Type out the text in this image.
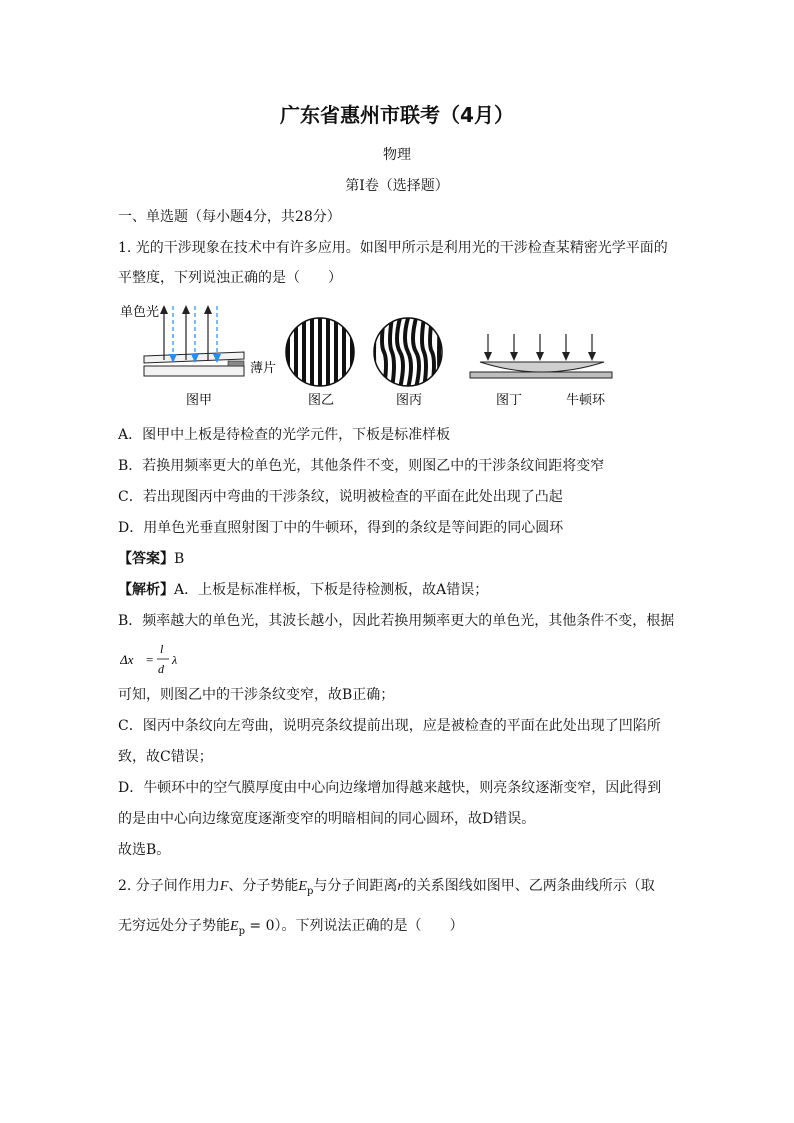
广东省惠州市联考（4月）
物理
第Ⅰ卷（选择题）
一、单选题（每小题4分，共28分）
1. 光的干涉现象在技术中有许多应用。如图甲所示是利用光的干涉检查某精密光学平面的
平整度，下列说浊正确的是（　　）
单色光
薄片
图甲	图乙	图丙	图丁	牛顿环
A．图甲中上板是待检查的光学元件，下板是标准样板
B．若换用频率更大的单色光，其他条件不变，则图乙中的干涉条纹间距将变窄
C．若出现图丙中弯曲的干涉条纹，说明被检查的平面在此处出现了凸起
D．用单色光垂直照射图丁中的牛顿环，得到的条纹是等间距的同心圆环
【答案】B
【解析】A．上板是标准样板，下板是待检测板，故A错误；
B．频率越大的单色光，其波长越小，因此若换用频率更大的单色光，其他条件不变，根据
Δx =
l
d
λ
可知，则图乙中的干涉条纹变窄，故B正确；
C．图丙中条纹向左弯曲，说明亮条纹提前出现，应是被检查的平面在此处出现了凹陷所
致，故C错误；
D．牛顿环中的空气膜厚度由中心向边缘增加得越来越快，则亮条纹逐渐变窄，因此得到
的是由中心向边缘宽度逐渐变窄的明暗相间的同心圆环，故D错误。
故选B。
2. 分子间作用力F、分子势能$E_p$与分子间距离r的关系图线如图甲、乙两条曲线所示（取
无穷远处分子势能$E_p = 0$）。下列说法正确的是（　　）
